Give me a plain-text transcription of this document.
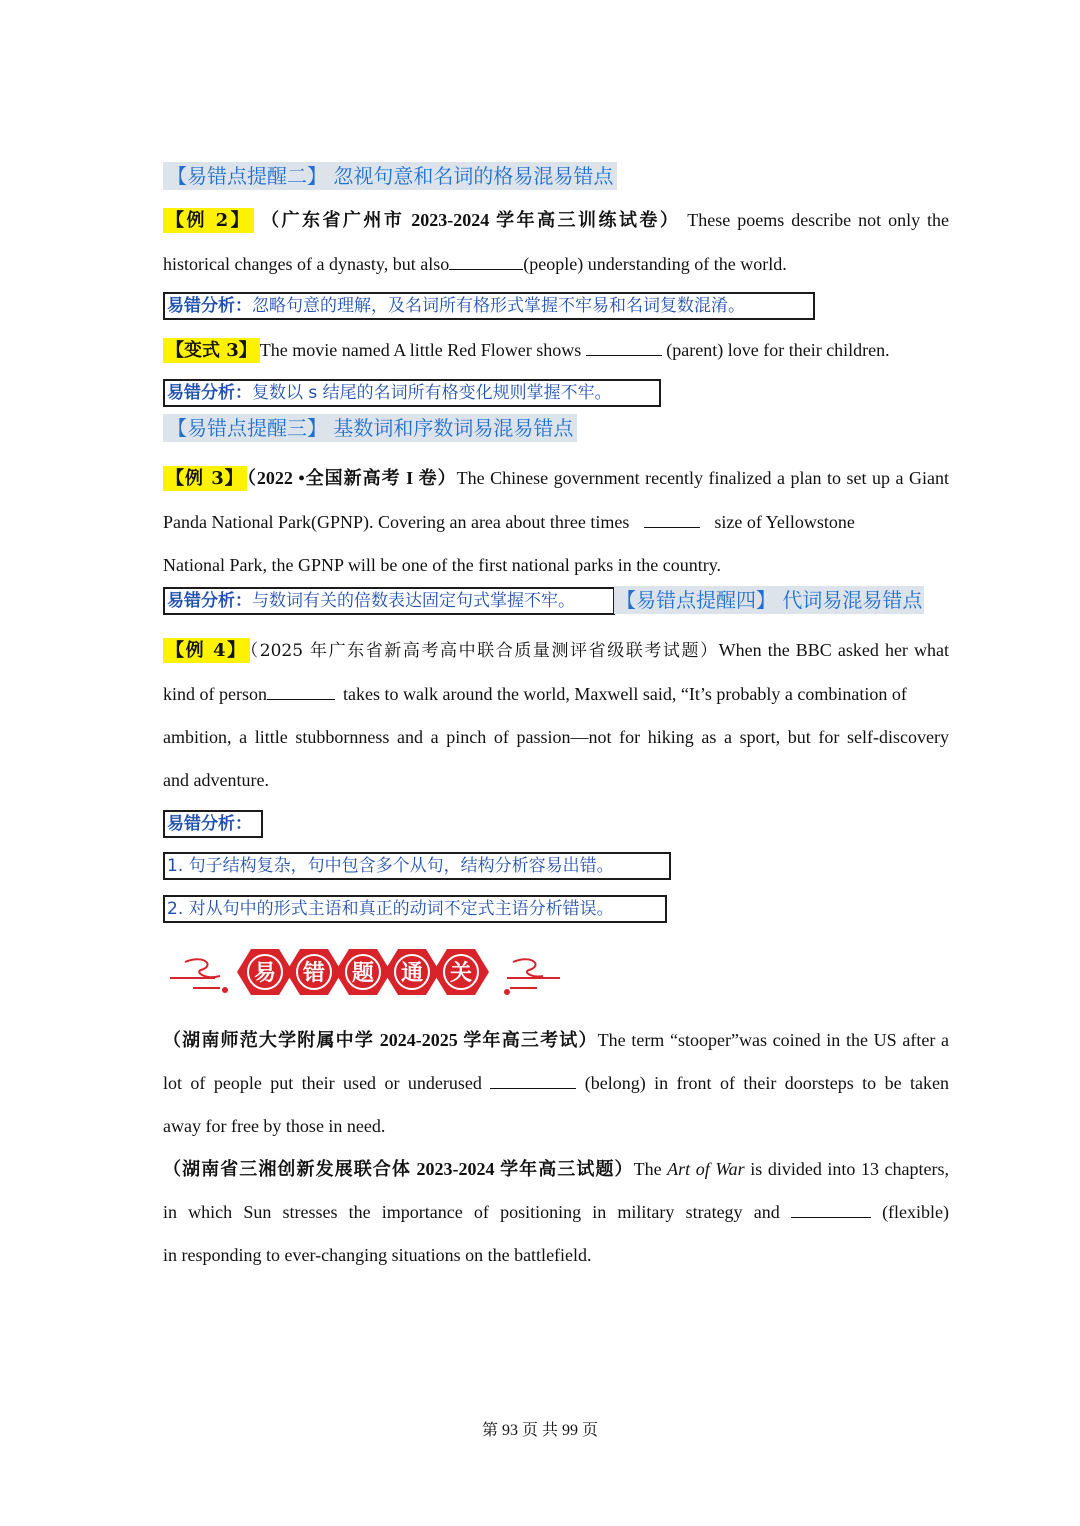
【易错点提醒二】 忽视句意和名词的格易混易错点
【例 2】 （广东省广州市 2023-2024 学年高三训练试卷） These poems describe not only the
historical changes of a dynasty, but also	(people) understanding of the world.
易错分析：忽略句意的理解，及名词所有格形式掌握不牢易和名词复数混淆。
【变式 3】 The movie named A little Red Flower shows	(parent) love for their children.
易错分析：复数以 s 结尾的名词所有格变化规则掌握不牢。
【易错点提醒三】 基数词和序数词易混易错点
【例 3】 （2022 •全国新高考 I 卷）The Chinese government recently finalized a plan to set up a Giant
Panda National Park(GPNP). Covering an area about three times	size of Yellowstone
National Park, the GPNP will be one of the first national parks in the country.
易错分析：与数词有关的倍数表达固定句式掌握不牢。	【易错点提醒四】 代词易混易错点
【例 4】 （2025 年广东省新高考高中联合质量测评省级联考试题）When the BBC asked her what
kind of person	takes to walk around the world, Maxwell said, “It’s probably a combination of
ambition, a little stubbornness and a pinch of passion—not for hiking as a sport, but for self-discovery
and adventure.
易错分析：
1. 句子结构复杂，句中包含多个从句，结构分析容易出错。
2. 对从句中的形式主语和真正的动词不定式主语分析错误。
易 错 题 通 关
（湖南师范大学附属中学 2024-2025 学年高三考试）The term “stooper”was coined in the US after a
lot of people put their used or underused	(belong) in front of their doorsteps to be taken
away for free by those in need.
（湖南省三湘创新发展联合体 2023-2024 学年高三试题）The Art of War is divided into 13 chapters,
in which Sun stresses the importance of positioning in military strategy and	(flexible)
in responding to ever-changing situations on the battlefield.
第 93 页 共 99 页
